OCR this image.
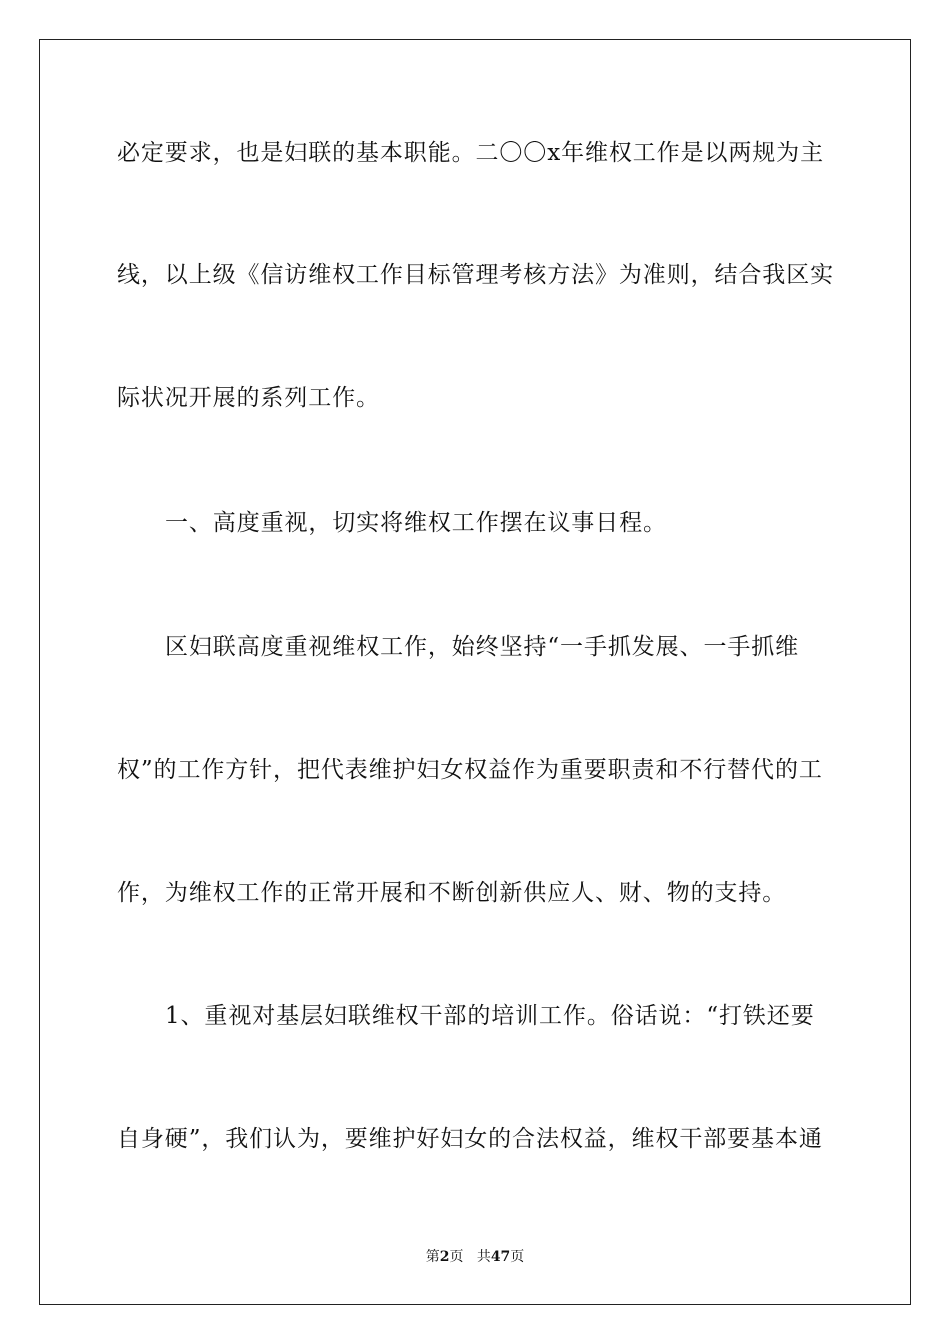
必定要求，也是妇联的基本职能。二〇〇x年维权工作是以两规为主
线，以上级《信访维权工作目标管理考核方法》为准则，结合我区实
际状况开展的系列工作。
一、高度重视，切实将维权工作摆在议事日程。
区妇联高度重视维权工作，始终坚持“一手抓发展、一手抓维
权”的工作方针，把代表维护妇女权益作为重要职责和不行替代的工
作，为维权工作的正常开展和不断创新供应人、财、物的支持。
1、重视对基层妇联维权干部的培训工作。俗话说：“打铁还要
自身硬”，我们认为，要维护好妇女的合法权益，维权干部要基本通
第2页 共47页
